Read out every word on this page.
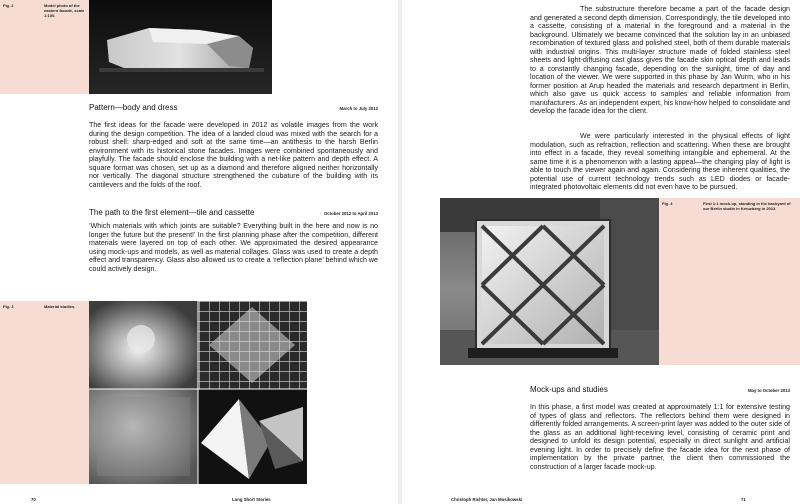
Fig. 2	Model photo of the eastern facade, scale 1:100.
Pattern—body and dress	March to July 2012

The first ideas for the facade were developed in 2012 as volatile images from the work during the design competition. The idea of a landed cloud was mixed with the search for a robust shell: sharp-edged and soft at the same time—an antithesis to the harsh Berlin environment with its historical stone facades. Images were combined spontaneously and playfully. The facade should enclose the building with a net-like pattern and depth effect. A square format was chosen, set up as a diamond and therefore aligned neither horizontally nor vertically. The diagonal structure strengthened the cubature of the building with its cantilevers and the folds of the roof.

The path to the first element—tile and cassette	October 2012 to April 2013

’Which materials with which joints are suitable? Everything built in the here and now is no longer the future but the present!’ In the first planning phase after the competition, different materials were layered on top of each other. We approximated the desired appearance using mock-ups and models, as well as material collages. Glass was used to create a depth effect and transparency. Glass also allowed us to create a ‘reflection plane’ behind which we could actively design.

Fig. 3	Material studies.
70	Long Short Stories

The substructure therefore became a part of the facade design and generated a second depth dimension. Correspondingly, the tile developed into a cassette, consisting of a material in the foreground and a material in the background. Ultimately we became convinced that the solution lay in an unbiased recombination of textured glass and polished steel, both of them durable materials with industrial origins. This multi-layer structure made of folded stainless steel sheets and light-diffusing cast glass gives the facade skin optical depth and leads to a constantly changing facade, depending on the sunlight, time of day and location of the viewer. We were supported in this phase by Jan Wurm, who in his former position at Arup headed the materials and research department in Berlin, which also gave us quick access to samples and reliable information from manufacturers. As an independent expert, his know-how helped to consolidate and develop the facade idea for the client.

We were particularly interested in the physical effects of light modulation, such as refraction, reflection and scattering. When these are brought into effect in a facade, they reveal something intangible and ephemeral. At the same time it is a phenomenon with a lasting appeal—the changing play of light is able to touch the viewer again and again. Considering these inherent qualities, the potential use of current technology trends such as LED diodes or facade-integrated photovoltaic elements did not even have to be pursued.

Fig. 4	First 1:1 mock-up, standing in the backyard of our Berlin studio in Kreuzberg in 2013.
Mock-ups and studies	May to October 2013

In this phase, a first model was created at approximately 1:1 for extensive testing of types of glass and reflectors. The reflectors behind them were designed in differently folded arrangements. A screen-print layer was added to the outer side of the glass as an additional light-receiving level, consisting of ceramic print and designed to unfold its design potential, especially in direct sunlight and artificial evening light. In order to precisely define the facade idea for the next phase of implementation by the private partner, the client then commissioned the construction of a larger facade mock-up.

Christoph Richter, Jan Musikowski	71
